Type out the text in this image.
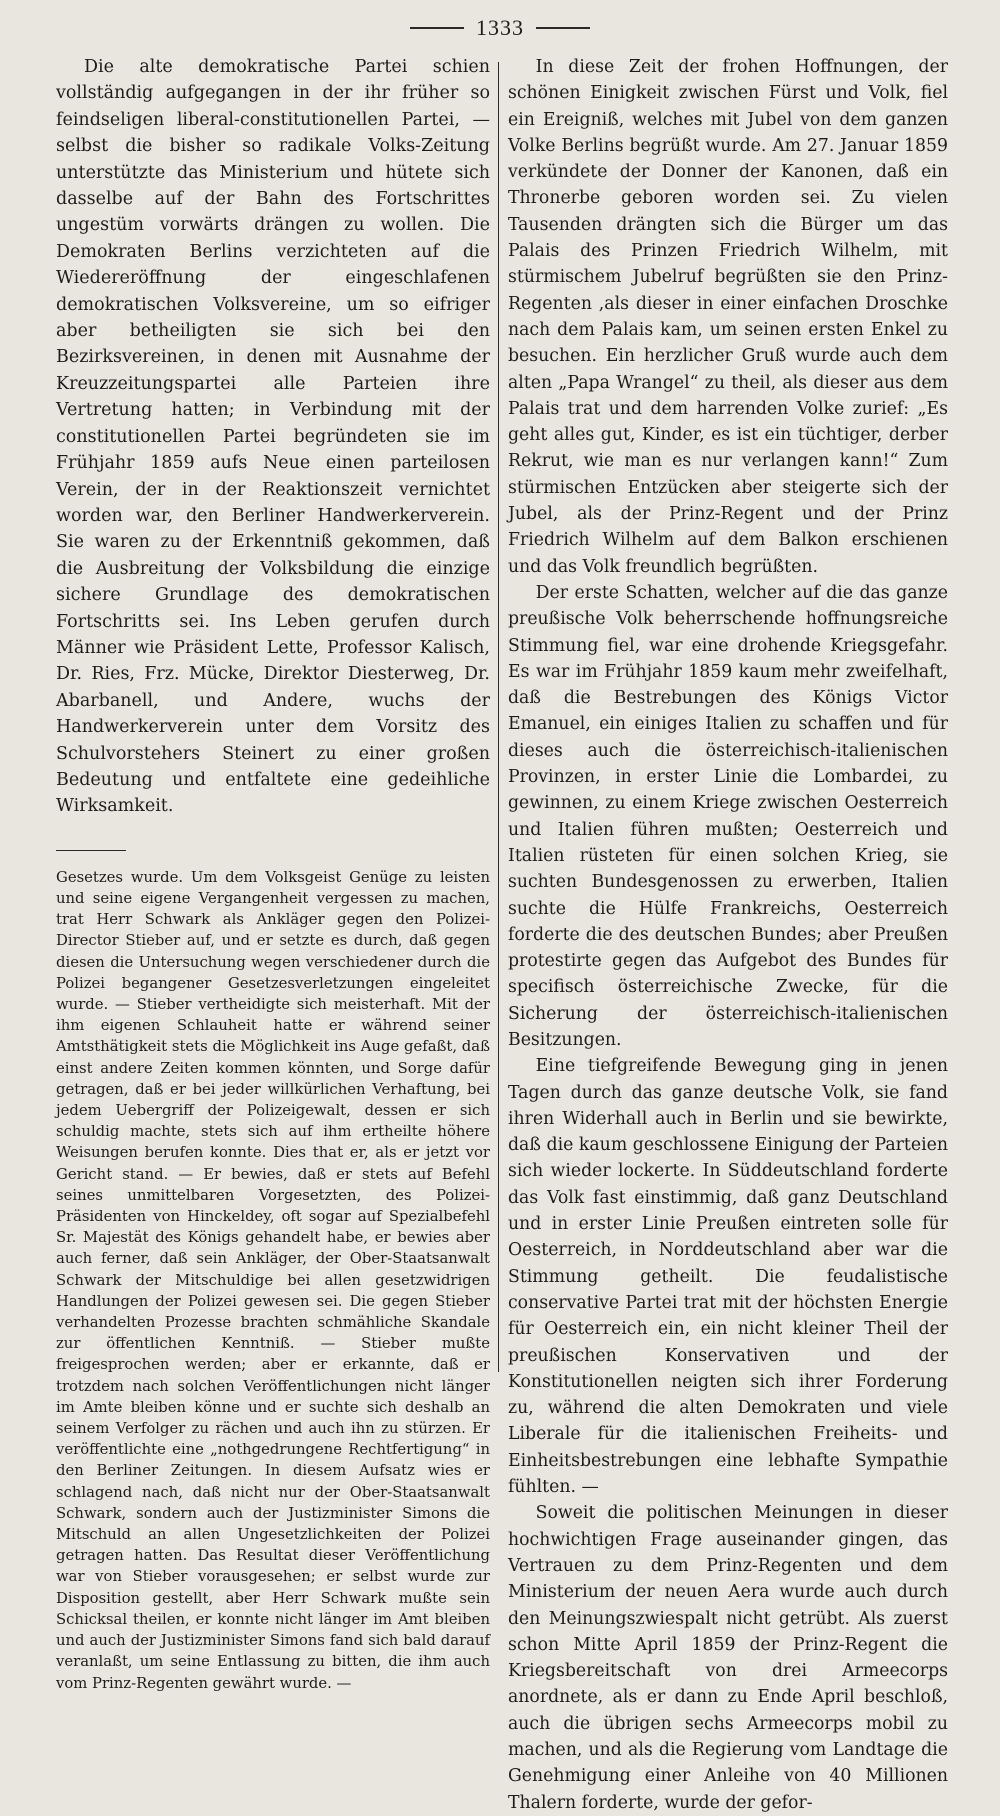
1333

Die alte demokratische Partei schien vollständig aufgegangen in der ihr früher so feindseligen liberal-constitutionellen Partei, — selbst die bisher so radikale Volks-Zeitung unterstützte das Ministerium und hütete sich dasselbe auf der Bahn des Fortschrittes ungestüm vorwärts drängen zu wollen. Die Demokraten Berlins verzichteten auf die Wiedereröffnung der eingeschlafenen demokratischen Volksvereine, um so eifriger aber betheiligten sie sich bei den Bezirksvereinen, in denen mit Ausnahme der Kreuzzeitungspartei alle Parteien ihre Vertretung hatten; in Verbindung mit der constitutionellen Partei begründeten sie im Frühjahr 1859 aufs Neue einen parteilosen Verein, der in der Reaktionszeit vernichtet worden war, den Berliner Handwerkerverein. Sie waren zu der Erkenntniß gekommen, daß die Ausbreitung der Volksbildung die einzige sichere Grundlage des demokratischen Fortschritts sei. Ins Leben gerufen durch Männer wie Präsident Lette, Professor Kalisch, Dr. Ries, Frz. Mücke, Direktor Diesterweg, Dr. Abarbanell, und Andere, wuchs der Handwerkerverein unter dem Vorsitz des Schulvorstehers Steinert zu einer großen Bedeutung und entfaltete eine gedeihliche Wirksamkeit.

Gesetzes wurde. Um dem Volksgeist Genüge zu leisten und seine eigene Vergangenheit vergessen zu machen, trat Herr Schwark als Ankläger gegen den Polizei-Director Stieber auf, und er setzte es durch, daß gegen diesen die Untersuchung wegen verschiedener durch die Polizei begangener Gesetzesverletzungen eingeleitet wurde. — Stieber vertheidigte sich meisterhaft. Mit der ihm eigenen Schlauheit hatte er während seiner Amtsthätigkeit stets die Möglichkeit ins Auge gefaßt, daß einst andere Zeiten kommen könnten, und Sorge dafür getragen, daß er bei jeder willkürlichen Verhaftung, bei jedem Uebergriff der Polizeigewalt, dessen er sich schuldig machte, stets sich auf ihm ertheilte höhere Weisungen berufen konnte. Dies that er, als er jetzt vor Gericht stand. — Er bewies, daß er stets auf Befehl seines unmittelbaren Vorgesetzten, des Polizei-Präsidenten von Hinckeldey, oft sogar auf Spezialbefehl Sr. Majestät des Königs gehandelt habe, er bewies aber auch ferner, daß sein Ankläger, der Ober-Staatsanwalt Schwark der Mitschuldige bei allen gesetzwidrigen Handlungen der Polizei gewesen sei. Die gegen Stieber verhandelten Prozesse brachten schmähliche Skandale zur öffentlichen Kenntniß. — Stieber mußte freigesprochen werden; aber er erkannte, daß er trotzdem nach solchen Veröffentlichungen nicht länger im Amte bleiben könne und er suchte sich deshalb an seinem Verfolger zu rächen und auch ihn zu stürzen. Er veröffentlichte eine „nothgedrungene Rechtfertigung“ in den Berliner Zeitungen. In diesem Aufsatz wies er schlagend nach, daß nicht nur der Ober-Staatsanwalt Schwark, sondern auch der Justizminister Simons die Mitschuld an allen Ungesetzlichkeiten der Polizei getragen hatten. Das Resultat dieser Veröffentlichung war von Stieber vorausgesehen; er selbst wurde zur Disposition gestellt, aber Herr Schwark mußte sein Schicksal theilen, er konnte nicht länger im Amt bleiben und auch der Justizminister Simons fand sich bald darauf veranlaßt, um seine Entlassung zu bitten, die ihm auch vom Prinz-Regenten gewährt wurde. —

In diese Zeit der frohen Hoffnungen, der schönen Einigkeit zwischen Fürst und Volk, fiel ein Ereigniß, welches mit Jubel von dem ganzen Volke Berlins begrüßt wurde. Am 27. Januar 1859 verkündete der Donner der Kanonen, daß ein Thronerbe geboren worden sei. Zu vielen Tausenden drängten sich die Bürger um das Palais des Prinzen Friedrich Wilhelm, mit stürmischem Jubelruf begrüßten sie den Prinz-Regenten ,als dieser in einer einfachen Droschke nach dem Palais kam, um seinen ersten Enkel zu besuchen. Ein herzlicher Gruß wurde auch dem alten „Papa Wrangel“ zu theil, als dieser aus dem Palais trat und dem harrenden Volke zurief: „Es geht alles gut, Kinder, es ist ein tüchtiger, derber Rekrut, wie man es nur verlangen kann!“ Zum stürmischen Entzücken aber steigerte sich der Jubel, als der Prinz-Regent und der Prinz Friedrich Wilhelm auf dem Balkon erschienen und das Volk freundlich begrüßten.

Der erste Schatten, welcher auf die das ganze preußische Volk beherrschende hoffnungsreiche Stimmung fiel, war eine drohende Kriegsgefahr. Es war im Frühjahr 1859 kaum mehr zweifelhaft, daß die Bestrebungen des Königs Victor Emanuel, ein einiges Italien zu schaffen und für dieses auch die österreichisch-italienischen Provinzen, in erster Linie die Lombardei, zu gewinnen, zu einem Kriege zwischen Oesterreich und Italien führen mußten; Oesterreich und Italien rüsteten für einen solchen Krieg, sie suchten Bundesgenossen zu erwerben, Italien suchte die Hülfe Frankreichs, Oesterreich forderte die des deutschen Bundes; aber Preußen protestirte gegen das Aufgebot des Bundes für specifisch österreichische Zwecke, für die Sicherung der österreichisch-italienischen Besitzungen.

Eine tiefgreifende Bewegung ging in jenen Tagen durch das ganze deutsche Volk, sie fand ihren Widerhall auch in Berlin und sie bewirkte, daß die kaum geschlossene Einigung der Parteien sich wieder lockerte. In Süddeutschland forderte das Volk fast einstimmig, daß ganz Deutschland und in erster Linie Preußen eintreten solle für Oesterreich, in Norddeutschland aber war die Stimmung getheilt. Die feudalistische conservative Partei trat mit der höchsten Energie für Oesterreich ein, ein nicht kleiner Theil der preußischen Konservativen und der Konstitutionellen neigten sich ihrer Forderung zu, während die alten Demokraten und viele Liberale für die italienischen Freiheits- und Einheitsbestrebungen eine lebhafte Sympathie fühlten. —

Soweit die politischen Meinungen in dieser hochwichtigen Frage auseinander gingen, das Vertrauen zu dem Prinz-Regenten und dem Ministerium der neuen Aera wurde auch durch den Meinungszwiespalt nicht getrübt. Als zuerst schon Mitte April 1859 der Prinz-Regent die Kriegsbereitschaft von drei Armeecorps anordnete, als er dann zu Ende April beschloß, auch die übrigen sechs Armeecorps mobil zu machen, und als die Regierung vom Landtage die Genehmigung einer Anleihe von 40 Millionen Thalern forderte, wurde der gefor-
